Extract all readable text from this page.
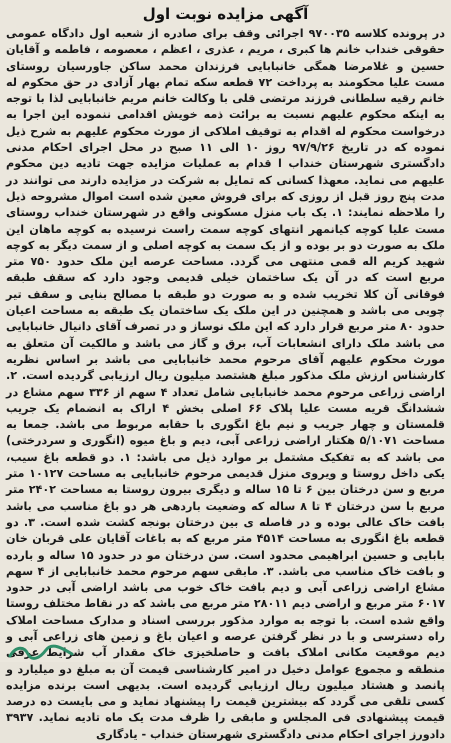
آگهی مزایده نوبت اول

در پرونده کلاسه ۹۷۰۰۳۵ اجرائی وقف برای صادره از شعبه اول دادگاه عمومی حقوقی خنداب خانم ها کبری ، مریم ، عذری ، اعظم ، معصومه ، فاطمه و آقایان حسین و غلامرضا همگی خانبابایی فرزندان محمد ساکن جاورسیان روستای مست علیا محکومند به پرداخت ۷۲ قطعه سکه تمام بهار آزادی در حق محکوم له خانم رقیه سلطانی فرزند مرتضی قلی با وکالت خانم مریم خانبابایی لذا با توجه به اینکه محکوم علیهم نسبت به برائت ذمه خویش اقدامی ننموده این اجرا به درخواست محکوم له اقدام به توقیف املاکی از مورث محکوم علیهم به شرح ذیل نموده که در تاریخ ۹۷/۹/۲۶ روز ۱۰ الی ۱۱ صبح در محل اجرای احکام مدنی دادگستری شهرستان خنداب ا قدام به عملیات مزایده جهت تادیه دین محکوم علیهم می نماید. معهذا کسانی که تمایل به شرکت در مزایده دارند می توانند در مدت پنج روز قبل از روزی که برای فروش معین شده است اموال مشروحه ذیل را ملاحظه نمایند: ۱. یک باب منزل مسکونی واقع در شهرستان خنداب روستای مست علیا کوچه کیانمهر انتهای کوچه سمت راست نرسیده به کوچه ماهان این ملک به صورت دو بر بوده و از یک سمت به کوچه اصلی و از سمت دیگر به کوچه شهید کریم اله قمی منتهی می گردد. مساحت عرصه این ملک حدود ۷۵۰ متر مربع است که در آن یک ساختمان خیلی قدیمی وجود دارد که سقف طبقه فوقانی آن کلا تخریب شده و به صورت دو طبقه با مصالح بنایی و سقف تیر چوبی می باشد و همچنین در این ملک یک ساختمان یک طبقه به مساحت اعیان حدود ۸۰ متر مربع قرار دارد که این ملک نوساز و در تصرف آقای دانیال خانبابایی می باشد ملک دارای انشعابات آب، برق و گاز می باشد و مالکیت آن متعلق به مورث محکوم علیهم آقای مرحوم محمد خانبابایی می باشد بر اساس نظریه کارشناس ارزش ملک مذکور مبلغ هشتصد میلیون ریال ارزیابی گردیده است. ۲. اراضی زراعی مرحوم محمد خانبابایی شامل تعداد ۴ سهم از ۳۳۶ سهم مشاع در ششدانگ قریه مست علیا پلاک ۶۶ اصلی بخش ۴ اراک به انضمام یک جریب قلمستان و چهار جریب و نیم باغ انگوری با حقابه مربوط می باشد. جمعا به مساحت ۵/۱۰۷۱ هکتار اراضی زراعی آبی، دیم و باغ میوه (انگوری و سردرختی) می باشد که به تفکیک مشتمل بر موارد ذیل می باشد: ۱. دو قطعه باغ سیب، یکی داخل روستا و ویروی منزل قدیمی مرحوم خانبابایی به مساحت ۱۰۱۲۷ متر مربع و سن درختان بین ۶ تا ۱۵ ساله و دیگری بیرون روستا به مساحت ۲۴۰۲ متر مربع با سن درختان ۴ تا ۸ ساله که وضعیت باردهی هر دو باغ مناسب می باشد بافت خاک عالی بوده و در فاصله ی بین درختان بونجه کشت شده است. ۳. دو قطعه باغ انگوری به مساحت ۴۵۱۴ متر مربع که به باغات آقایان علی قربان خان بابایی و حسین ابراهیمی محدود است. سن درختان مو در حدود ۱۵ ساله و بارده و بافت خاک مناسب می باشد. ۳. مابقی سهم مرحوم محمد خانبابایی از ۴ سهم مشاع اراضی زراعی آبی و دیم بافت خاک خوب می باشد اراضی آبی در حدود ۶۰۱۷ متر مربع و اراضی دیم ۲۸۰۱۱ متر مربع می باشد که در نقاط مختلف روستا واقع شده است. با توجه به موارد مذکور بررسی اسناد و مدارک مساحت املاک راه دسترسی و با در نظر گرفتن عرصه و اعیان باغ و زمین های زراعی آبی و دیم موقعیت مکانی املاک بافت و حاصلخیزی خاک مقدار آب شرایط عرفی منطقه و مجموع عوامل دخیل در امیر کارشناسی قیمت آن به مبلغ دو میلیارد و پانصد و هشتاد میلیون ریال ارزیابی گردیده است. بدیهی است برنده مزایده کسی تلقی می گردد که بیشترین قیمت را پیشنهاد نماید و می بایست ده درصد قیمت پیشنهادی فی المجلس و مابقی را ظرف مدت یک ماه تادیه نماید. ۳۹۳۷ دادورز اجرای احکام مدنی دادگستری شهرستان خنداب - یادگاری
